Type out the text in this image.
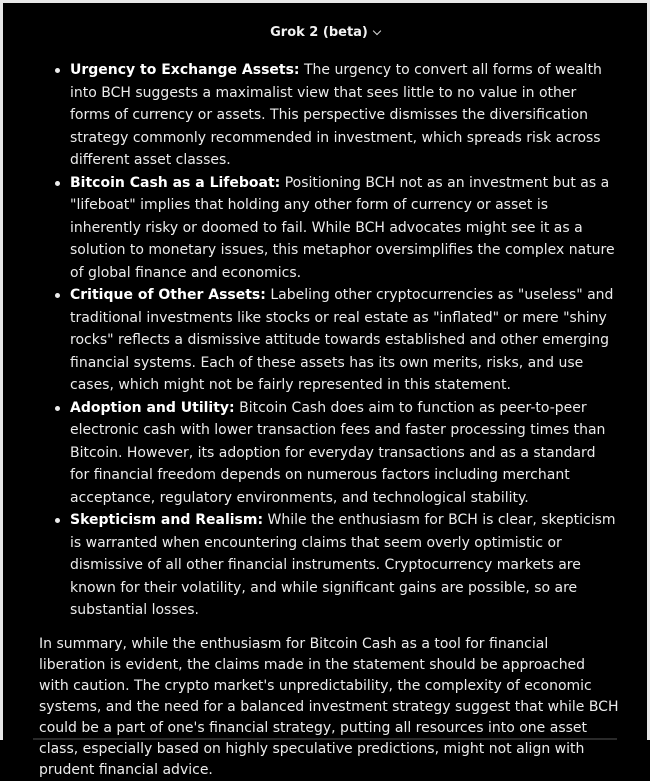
Grok 2 (beta)
Urgency to Exchange Assets: The urgency to convert all forms of wealth into BCH suggests a maximalist view that sees little to no value in other forms of currency or assets. This perspective dismisses the diversification strategy commonly recommended in investment, which spreads risk across different asset classes.
Bitcoin Cash as a Lifeboat: Positioning BCH not as an investment but as a "lifeboat" implies that holding any other form of currency or asset is inherently risky or doomed to fail. While BCH advocates might see it as a solution to monetary issues, this metaphor oversimplifies the complex nature of global finance and economics.
Critique of Other Assets: Labeling other cryptocurrencies as "useless" and traditional investments like stocks or real estate as "inflated" or mere "shiny rocks" reflects a dismissive attitude towards established and other emerging financial systems. Each of these assets has its own merits, risks, and use cases, which might not be fairly represented in this statement.
Adoption and Utility: Bitcoin Cash does aim to function as peer-to-peer electronic cash with lower transaction fees and faster processing times than Bitcoin. However, its adoption for everyday transactions and as a standard for financial freedom depends on numerous factors including merchant acceptance, regulatory environments, and technological stability.
Skepticism and Realism: While the enthusiasm for BCH is clear, skepticism is warranted when encountering claims that seem overly optimistic or dismissive of all other financial instruments. Cryptocurrency markets are known for their volatility, and while significant gains are possible, so are substantial losses.

In summary, while the enthusiasm for Bitcoin Cash as a tool for financial liberation is evident, the claims made in the statement should be approached with caution. The crypto market's unpredictability, the complexity of economic systems, and the need for a balanced investment strategy suggest that while BCH could be a part of one's financial strategy, putting all resources into one asset class, especially based on highly speculative predictions, might not align with prudent financial advice.
